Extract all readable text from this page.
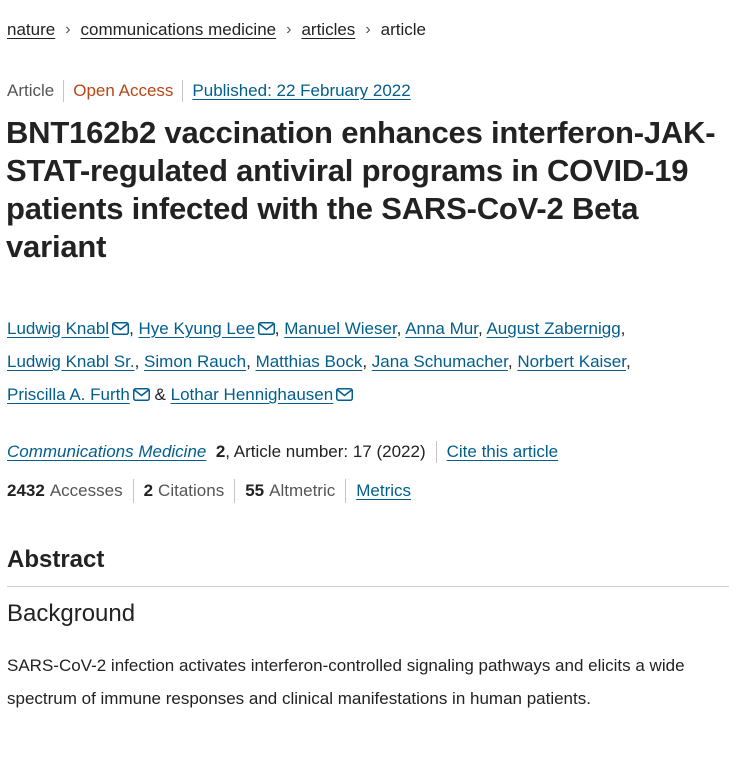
nature › communications medicine › articles › article
Article Open Access Published: 22 February 2022
BNT162b2 vaccination enhances interferon-JAK-STAT-regulated antiviral programs in COVID-19 patients infected with the SARS-CoV-2 Beta variant
Ludwig Knabl , Hye Kyung Lee , Manuel Wieser, Anna Mur, August Zabernigg,
Ludwig Knabl Sr., Simon Rauch, Matthias Bock, Jana Schumacher, Norbert Kaiser,
Priscilla A. Furth & Lothar Hennighausen
Communications Medicine
2 , Article number: 17 (2022) Cite this article
2432 Accesses 2 Citations 55 Altmetric Metrics
Abstract
Background

SARS-CoV-2 infection activates interferon-controlled signaling pathways and elicits a wide spectrum of immune responses and clinical manifestations in human patients.
